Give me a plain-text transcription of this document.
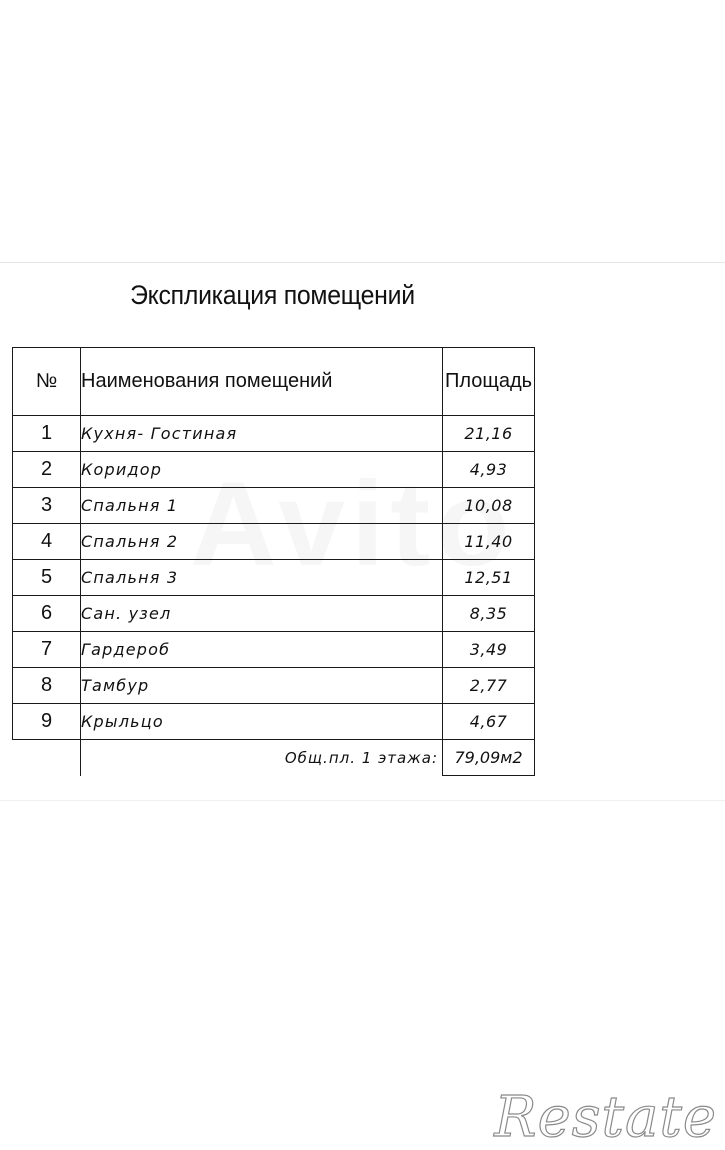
Экспликация помещений
№	Наименования помещений	Площадь
1	Кухня- Гостиная	21,16
2	Коридор	4,93
3	Спальня 1	10,08
4	Спальня 2	11,40
5	Спальня 3	12,51
6	Сан. узел	8,35
7	Гардероб	3,49
8	Тамбур	2,77
9	Крыльцо	4,67
	Общ.пл. 1 этажа:	79,09м2
Restate
